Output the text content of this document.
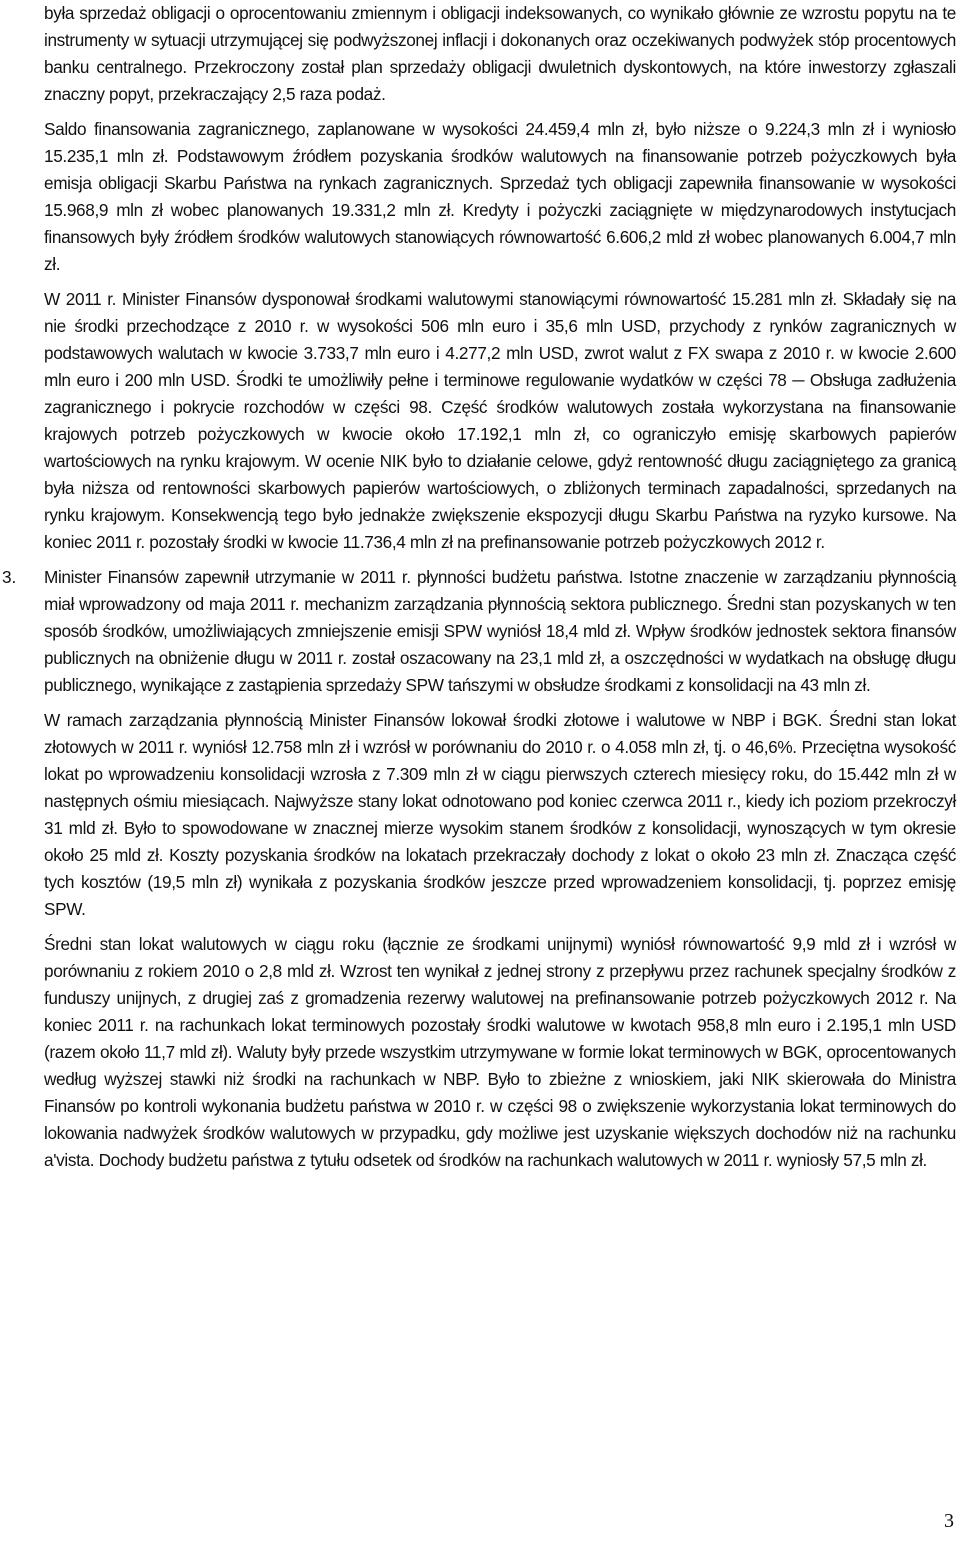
była sprzedaż obligacji o oprocentowaniu zmiennym i obligacji indeksowanych, co wynikało głównie ze wzrostu popytu na te instrumenty w sytuacji utrzymującej się podwyższonej inflacji i dokonanych oraz oczekiwanych podwyżek stóp procentowych banku centralnego. Przekroczony został plan sprzedaży obligacji dwuletnich dyskontowych, na które inwestorzy zgłaszali znaczny popyt, przekraczający 2,5 raza podaż.

Saldo finansowania zagranicznego, zaplanowane w wysokości 24.459,4 mln zł, było niższe o 9.224,3 mln zł i wyniosło 15.235,1 mln zł. Podstawowym źródłem pozyskania środków walutowych na finansowanie potrzeb pożyczkowych była emisja obligacji Skarbu Państwa na rynkach zagranicznych. Sprzedaż tych obligacji zapewniła finansowanie w wysokości 15.968,9 mln zł wobec planowanych 19.331,2 mln zł. Kredyty i pożyczki zaciągnięte w międzynarodowych instytucjach finansowych były źródłem środków walutowych stanowiących równowartość 6.606,2 mld zł wobec planowanych 6.004,7 mln zł.

W 2011 r. Minister Finansów dysponował środkami walutowymi stanowiącymi równowartość 15.281 mln zł. Składały się na nie środki przechodzące z 2010 r. w wysokości 506 mln euro i 35,6 mln USD, przychody z rynków zagranicznych w podstawowych walutach w kwocie 3.733,7 mln euro i 4.277,2 mln USD, zwrot walut z FX swapa z 2010 r. w kwocie 2.600 mln euro i 200 mln USD. Środki te umożliwiły pełne i terminowe regulowanie wydatków w części 78 ─ Obsługa zadłużenia zagranicznego i pokrycie rozchodów w części 98. Część środków walutowych została wykorzystana na finansowanie krajowych potrzeb pożyczkowych w kwocie około 17.192,1 mln zł, co ograniczyło emisję skarbowych papierów wartościowych na rynku krajowym. W ocenie NIK było to działanie celowe, gdyż rentowność długu zaciągniętego za granicą była niższa od rentowności skarbowych papierów wartościowych, o zbliżonych terminach zapadalności, sprzedanych na rynku krajowym. Konsekwencją tego było jednakże zwiększenie ekspozycji długu Skarbu Państwa na ryzyko kursowe. Na koniec 2011 r. pozostały środki w kwocie 11.736,4 mln zł na prefinansowanie potrzeb pożyczkowych 2012 r.

3. Minister Finansów zapewnił utrzymanie w 2011 r. płynności budżetu państwa. Istotne znaczenie w zarządzaniu płynnością miał wprowadzony od maja 2011 r. mechanizm zarządzania płynnością sektora publicznego. Średni stan pozyskanych w ten sposób środków, umożliwiających zmniejszenie emisji SPW wyniósł 18,4 mld zł. Wpływ środków jednostek sektora finansów publicznych na obniżenie długu w 2011 r. został oszacowany na 23,1 mld zł, a oszczędności w wydatkach na obsługę długu publicznego, wynikające z zastąpienia sprzedaży SPW tańszymi w obsłudze środkami z konsolidacji na 43 mln zł.

W ramach zarządzania płynnością Minister Finansów lokował środki złotowe i walutowe w NBP i BGK. Średni stan lokat złotowych w 2011 r. wyniósł 12.758 mln zł i wzrósł w porównaniu do 2010 r. o 4.058 mln zł, tj. o 46,6%. Przeciętna wysokość lokat po wprowadzeniu konsolidacji wzrosła z 7.309 mln zł w ciągu pierwszych czterech miesięcy roku, do 15.442 mln zł w następnych ośmiu miesiącach. Najwyższe stany lokat odnotowano pod koniec czerwca 2011 r., kiedy ich poziom przekroczył 31 mld zł. Było to spowodowane w znacznej mierze wysokim stanem środków z konsolidacji, wynoszących w tym okresie około 25 mld zł. Koszty pozyskania środków na lokatach przekraczały dochody z lokat o około 23 mln zł. Znacząca część tych kosztów (19,5 mln zł) wynikała z pozyskania środków jeszcze przed wprowadzeniem konsolidacji, tj. poprzez emisję SPW.

Średni stan lokat walutowych w ciągu roku (łącznie ze środkami unijnymi) wyniósł równowartość 9,9 mld zł i wzrósł w porównaniu z rokiem 2010 o 2,8 mld zł. Wzrost ten wynikał z jednej strony z przepływu przez rachunek specjalny środków z funduszy unijnych, z drugiej zaś z gromadzenia rezerwy walutowej na prefinansowanie potrzeb pożyczkowych 2012 r. Na koniec 2011 r. na rachunkach lokat terminowych pozostały środki walutowe w kwotach 958,8 mln euro i 2.195,1 mln USD (razem około 11,7 mld zł). Waluty były przede wszystkim utrzymywane w formie lokat terminowych w BGK, oprocentowanych według wyższej stawki niż środki na rachunkach w NBP. Było to zbieżne z wnioskiem, jaki NIK skierowała do Ministra Finansów po kontroli wykonania budżetu państwa w 2010 r. w części 98 o zwiększenie wykorzystania lokat terminowych do lokowania nadwyżek środków walutowych w przypadku, gdy możliwe jest uzyskanie większych dochodów niż na rachunku a'vista. Dochody budżetu państwa z tytułu odsetek od środków na rachunkach walutowych w 2011 r. wyniosły 57,5 mln zł.

3
